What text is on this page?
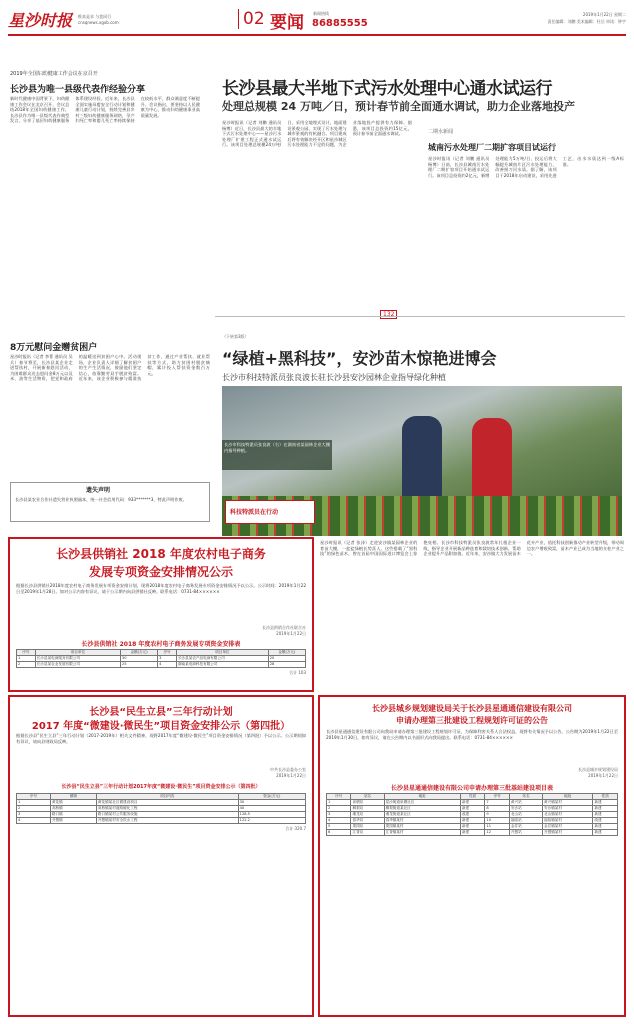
星沙时报 惟真是求 与您同行
cnsqnews.xgxb.com	02 要闻 新闻热线
86885555
2019年1月22日 星期二
责任编辑：刘鹏 美术编辑：杜岳 审读：钟宇
2019年全国妇幼健康工作会议在京召开
长沙县为唯一县级代表作经验分享
新时代健康中国背景下，妇幼健康工作会议在北京召开，会议总结2018年全国妇幼健康工作，长沙县作为唯一县级代表作典型发言，分享了基层妇幼健康服务体系建设经验。近年来，长沙县全面实施母婴安全行动计划和健康儿童行动计划，持续完善县乡村三级妇幼健康服务网络，孕产妇死亡率和婴儿死亡率持续保持在较低水平，群众满意度不断提升。会议指出，要坚持以人民健康为中心，推动妇幼健康事业高质量发展。
长沙县最大半地下式污水处理中心通水试运行
处理总规模 24 万吨／日，预计春节前全面通水调试，助力企业落地投产
星沙时报讯（记者 刘鹏 通讯员 杨博）近日，长沙县最大的半地下式污水处理中心——星沙污水处理厂扩建工程正式通水试运行。该项目处理总规模24万吨/日，采用全地埋式设计，地面建设景观公园，实现了污水处理与城市景观的有机融合。项目建成后将有效解决经开区和星沙城区污水处理能力不足的问题，为企业落地投产提供有力保障。据悉，该项目总投资约15亿元，预计春节前全面通水调试。
（下转第3版）
二期水新闻
城南污水处理厂二期扩容项目试运行
星沙时报讯（记者 刘鹏 通讯员 杨博）日前，长沙县城南污水处理厂二期扩容项目开始通水试运行。该项目总投资约2亿元，新增处理能力5万吨/日，投运后将大幅提升城南片区污水处理能力，改善捞刀河水质。据了解，该项目于2018年启动建设，采用先进工艺，出水水质达到一级A标准。
132
“绿植+黑科技”，安沙苗木惊艳进博会
长沙市科技特派员张良波长驻长沙县安沙园林企业指导绿化种植
长沙市科技特派员张良波（右）在湖南省某园林企业大棚内指导种植。
科技特派员在行动
8万元慰问金赠贫困户
星沙时报讯（记者 李菁 通讯员 吴兵）春节将至，长沙县某企业走进帮扶村，开展新春慰问活动，为困难群众送去慰问金8万元以及米、油等生活物资，把党和政府的温暖送到贫困户心中。活动现场，企业负责人详细了解贫困户的生产生活情况，鼓励他们坚定信心，依靠勤劳双手脱贫致富。近年来，该企业积极参与精准扶贫工作，通过产业帮扶、就业帮扶等方式，助力贫困村脱贫摘帽，累计投入帮扶资金数百万元。
遗失声明
长沙县某农业合作社遗失营业执照副本，统一社会信用代码：933*******3，特此声明作废。
长沙县供销社 2018 年度农村电子商务
发展专项资金安排情况公示
根据长沙县供销社2018年度农村电子商务发展专项资金安排计划，现将2018年度农村电子商务发展专项资金安排情况予以公示。公示时间：2019年1月22日至2019年1月28日。如对公示内容有异议，请于公示期内向县供销社反映。联系电话：0731-84××××××
长沙县供销合作社联合社
2019年1月22日
长沙县供销社 2018 年度农村电子商务发展专项资金安排表
序号	项目单位	金额(万元)	序号	项目单位	金额(万元)
1	长沙县某电商服务有限公司	30	3	长沙县某农产品电商有限公司	20
2	长沙县某农业发展有限公司	25	4	湖南某电商科技有限公司	28
合计 103
长沙县“民生立县”三年行动计划
2017 年度“微建设·微民生”项目资金安排公示（第四批）
根据长沙县“民生立县”三年行动计划（2017-2019年）相关文件精神，现将2017年度“微建设·微民生”项目资金安排情况（第四批）予以公示。公示期间如有异议，请向县财政局反映。
中共长沙县委办公室
2019年1月22日
长沙县“民生立县”三年行动计划2017年度“微建设·微民生”项目资金安排公示（第四批）
序号	镇街	项目内容	资金(万元)
1	黄花镇	黄花镇某社区微建设项目	30
2	高桥镇	高桥镇某村道路硬化工程	40
3	路口镇	路口镇某村公共服务设施	128.5
4	开慧镇	开慧镇某村安全饮水工程	122.2
合计 320.7
长沙县城乡规划建设局关于长沙县星通通信建设有限公司
申请办理第三批建设工程规划许可证的公告
长沙县星通通信建设有限公司向我局申请办理第三批建设工程规划许可证，为保障利害关系人合法权益，现将有关情况予以公告。公告期为2019年1月22日至2019年1月30日，如有异议，请在公告期内以书面形式向我局提出。联系电话：0731-84××××××
长沙县城乡规划建设局
2019年1月22日
长沙县星通通信建设有限公司申请办理第三批基站建设项目表
序号	站名	地址	性质	序号	站名	地址	性质
1	泉塘站	星沙街道泉塘社区	新建	7	黄兴站	黄兴镇某村	新建
2	榔梨站	榔梨街道某社区	新建	8	安沙站	安沙镇某村	新建
3	湘龙站	湘龙街道某社区	改建	9	北山站	北山镇某村	新建
4	春华站	春华镇某村	新建	10	福临站	福临镇某村	改建
5	果园站	果园镇某村	新建	11	金井站	金井镇某村	新建
6	江背站	江背镇某村	新建	12	开慧站	开慧镇某村	新建
星沙时报讯（记者 张泽）走进安沙镇某园林企业的育苗大棚，一盆盆绿植长势喜人。这些搭载了“黑科技”的绿色苗木，曾在首届中国国际进口博览会上惊艳亮相。长沙市科技特派员张良波常年扎根企业一线，指导企业开展新品种选育和栽培技术创新，帮助企业提升产品附加值。近年来，安沙镇大力发展苗木花卉产业，依托科技创新推动产业转型升级，带动周边农户增收致富，苗木产业已成为当地的支柱产业之一。
